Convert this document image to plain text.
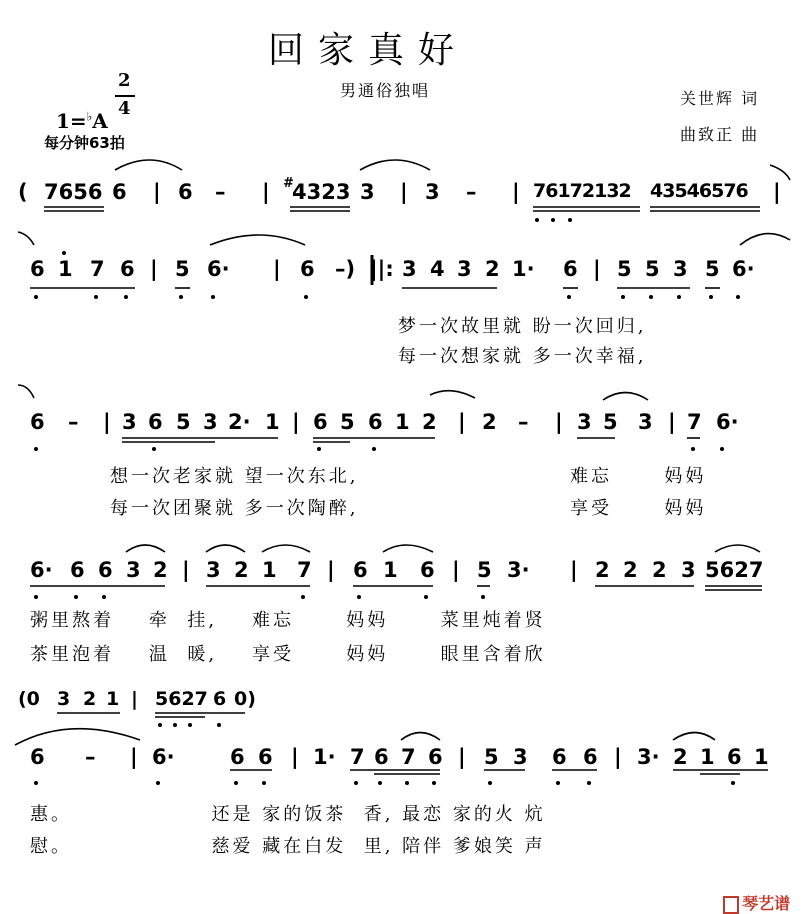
回家真好
男通俗独唱	关世辉 词
曲致正 曲

1=♭A

2
4
每分钟63拍
( 7656 6 | 6 – | #
4323 3 | 3 – | 76172132 43546576 |
6 1 7 6 | 5 6· | 6 –) ||: 3 4 3 2 1· 6 | 5 5 3 5 6·
梦一次故里就 盼一次回归,
每一次想家就 多一次幸福,
6 – | 3 6 5 3 2· 1 | 6 5 6 1 2 | 2 – | 3 5 3 | 7 6·
想一次老家就 望一次东北,
每一次团聚就 多一次陶醉,
难忘      妈妈
享受      妈妈
6· 6 6 3 2 | 3 2 1 7 | 6 1 6 | 5 3· | 2 2 2 3 5627
粥里熬着    牵  挂,    难忘      妈妈      菜里炖着贤
茶里泡着    温  暖,    享受      妈妈      眼里含着欣
(0 3 2 1 | 5627 6 0)
6 – | 6·	6 6 | 1· 7 6 7 6 | 5 3 6 6 | 3· 2 1 6 1
惠。                还是 家的饭茶  香, 最恋 家的火 炕
慰。                慈爱 藏在白发  里, 陪伴 爹娘笑 声

琴艺谱
